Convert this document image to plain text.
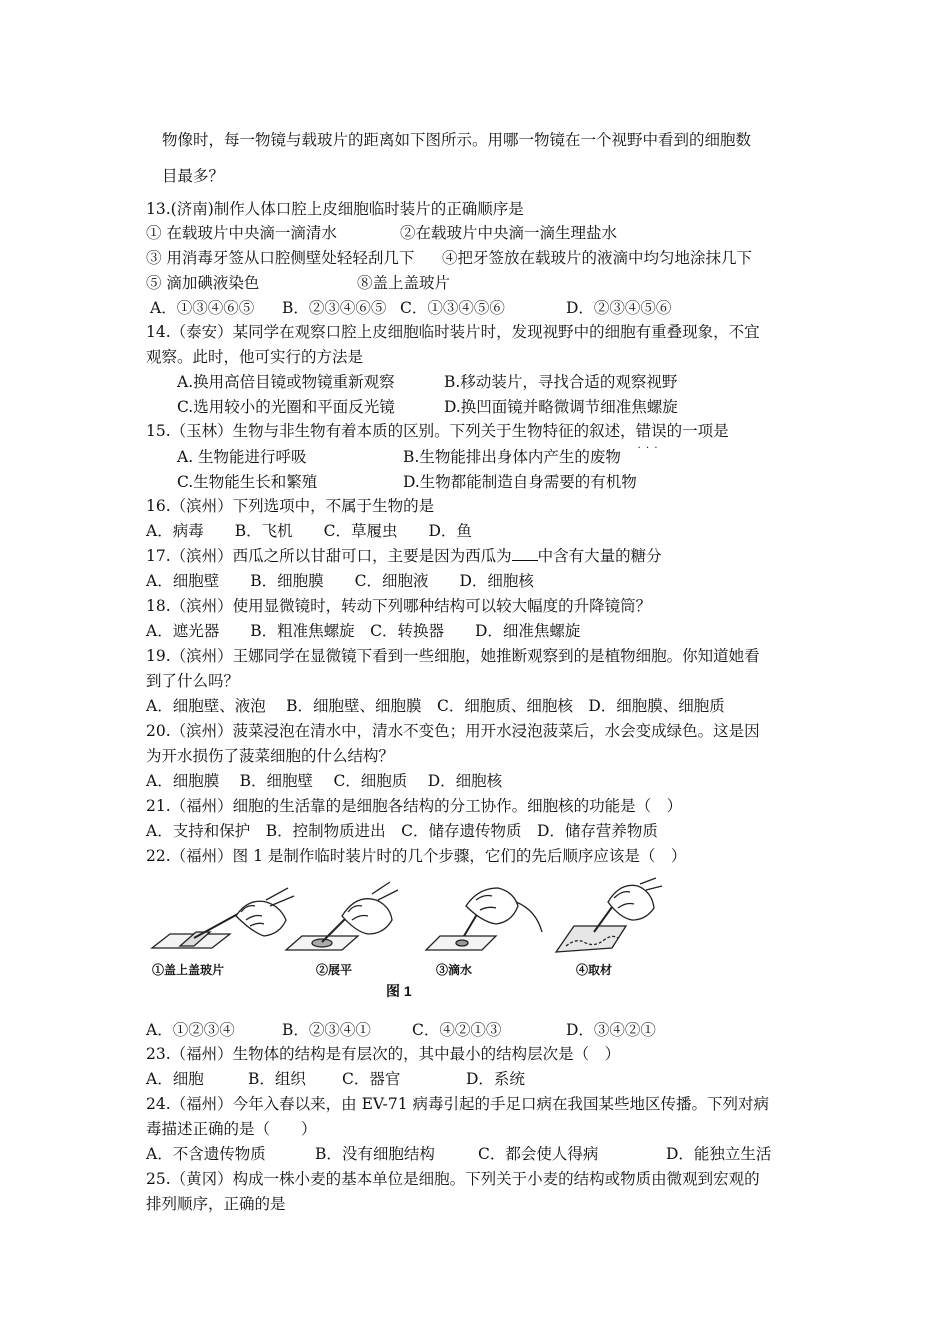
物像时，每一物镜与载玻片的距离如下图所示。用哪一物镜在一个视野中看到的细胞数
目最多？
13.(济南)制作人体口腔上皮细胞临时装片的正确顺序是
① 在载玻片中央滴一滴清水	②在载玻片中央滴一滴生理盐水
③ 用消毒牙签从口腔侧壁处轻轻刮几下 ④把牙签放在载玻片的液滴中均匀地涂抹几下
⑤ 滴加碘液染色	⑧盖上盖玻片
A．①③④⑥⑤ B．②③④⑥⑤ C．①③④⑤⑥	D．②③④⑤⑥
14.（泰安）某同学在观察口腔上皮细胞临时装片时，发现视野中的细胞有重叠现象，不宜
观察。此时，他可实行的方法是
A.换用高倍目镜或物镜重新观察	B.移动装片，寻找合适的观察视野
C.选用较小的光圈和平面反光镜	D.换凹面镜并略微调节细准焦螺旋
15.（玉林）生物与非生物有着本质的区别。下列关于生物特征的叙述，错误 · · ·的一项是
A. 生物能进行呼吸	B.生物能排出身体内产生的废物
C.生物能生长和繁殖	D.生物都能制造自身需要的有机物
16.（滨州）下列选项中，不属于生物的是
A．病毒　　B．飞机　　C．草履虫　　D．鱼
17.（滨州）西瓜之所以甘甜可口，主要是因为西瓜为 中含有大量的糖分
A．细胞壁　　B．细胞膜　　C．细胞液　　D．细胞核
18.（滨州）使用显微镜时，转动下列哪种结构可以较大幅度的升降镜筒？
A．遮光器　　B．粗准焦螺旋　C．转换器　　D．细准焦螺旋
19.（滨州）王娜同学在显微镜下看到一些细胞，她推断观察到的是植物细胞。你知道她看
到了什么吗？
A．细胞壁、液泡　 B．细胞壁、细胞膜　C．细胞质、细胞核　D．细胞膜、细胞质
20.（滨州）菠菜浸泡在清水中，清水不变色；用开水浸泡菠菜后，水会变成绿色。这是因
为开水损伤了菠菜细胞的什么结构？
A．细胞膜　 B．细胞壁　 C．细胞质　 D．细胞核
21.（福州）细胞的生活靠的是细胞各结构的分工协作。细胞核的功能是（　）
A．支持和保护　B．控制物质进出　C．储存遗传物质　D．储存营养物质
22.（福州）图 1 是制作临时装片时的几个步骤，它们的先后顺序应该是（　）
①盖上盖玻片	②展平	③滴水	④取材
图 1
A．①②③④	B．②③④①	C．④②①③	D．③④②①
23.（福州）生物体的结构是有层次的，其中最小的结构层次是（　）
A．细胞	B．组织 C．器官	D．系统
24.（福州）今年入春以来，由 EV-71 病毒引起的手足口病在我国某些地区传播。下列对病
毒描述正确的是（　　）
A．不含遗传物质	B．没有细胞结构	C．都会使人得病	D．能独立生活
25.（黄冈）构成一株小麦的基本单位是细胞。下列关于小麦的结构或物质由微观到宏观的
排列顺序，正确的是
